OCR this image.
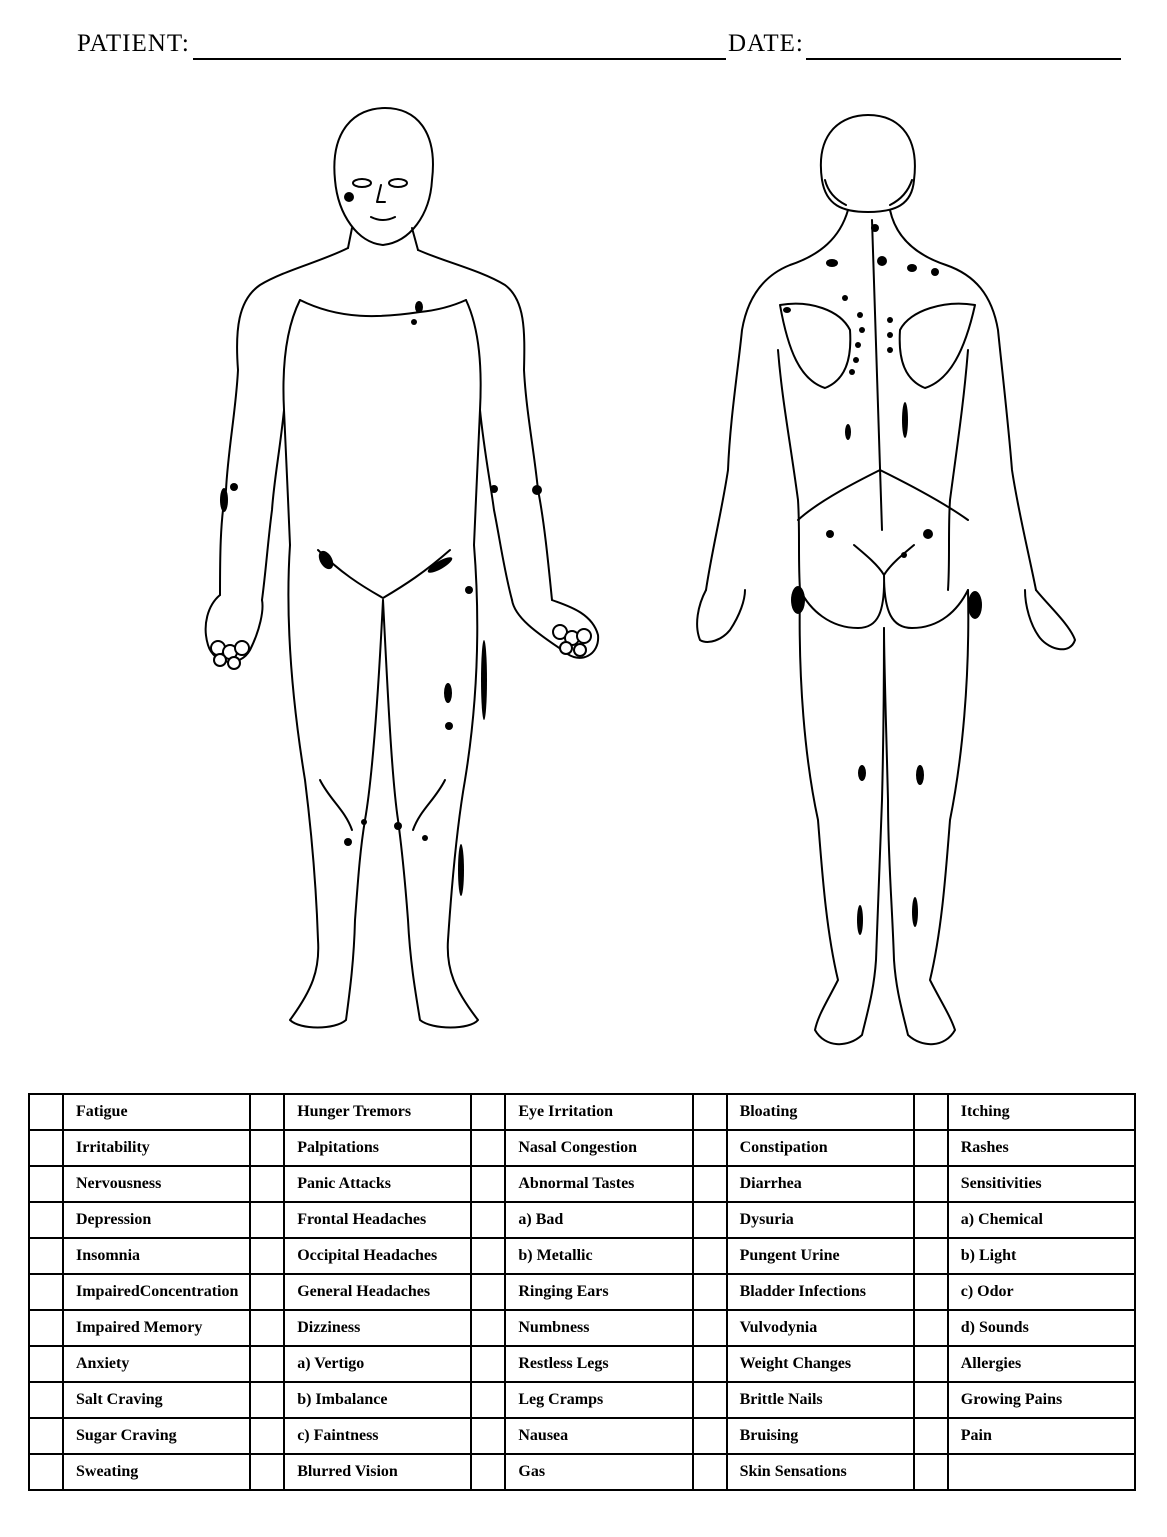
PATIENT:	DATE:
	Fatigue		Hunger Tremors		Eye Irritation		Bloating		Itching
	Irritability		Palpitations		Nasal Congestion		Constipation		Rashes
	Nervousness		Panic Attacks		Abnormal Tastes		Diarrhea		Sensitivities
	Depression		Frontal Headaches		a) Bad		Dysuria		a) Chemical
	Insomnia		Occipital Headaches		b) Metallic		Pungent Urine		b) Light
	ImpairedConcentration		General Headaches		Ringing Ears		Bladder Infections		c) Odor
	Impaired Memory		Dizziness		Numbness		Vulvodynia		d) Sounds
	Anxiety		a) Vertigo		Restless Legs		Weight Changes		Allergies
	Salt Craving		b) Imbalance		Leg Cramps		Brittle Nails		Growing Pains
	Sugar Craving		c) Faintness		Nausea		Bruising		Pain
	Sweating		Blurred Vision		Gas		Skin Sensations		
